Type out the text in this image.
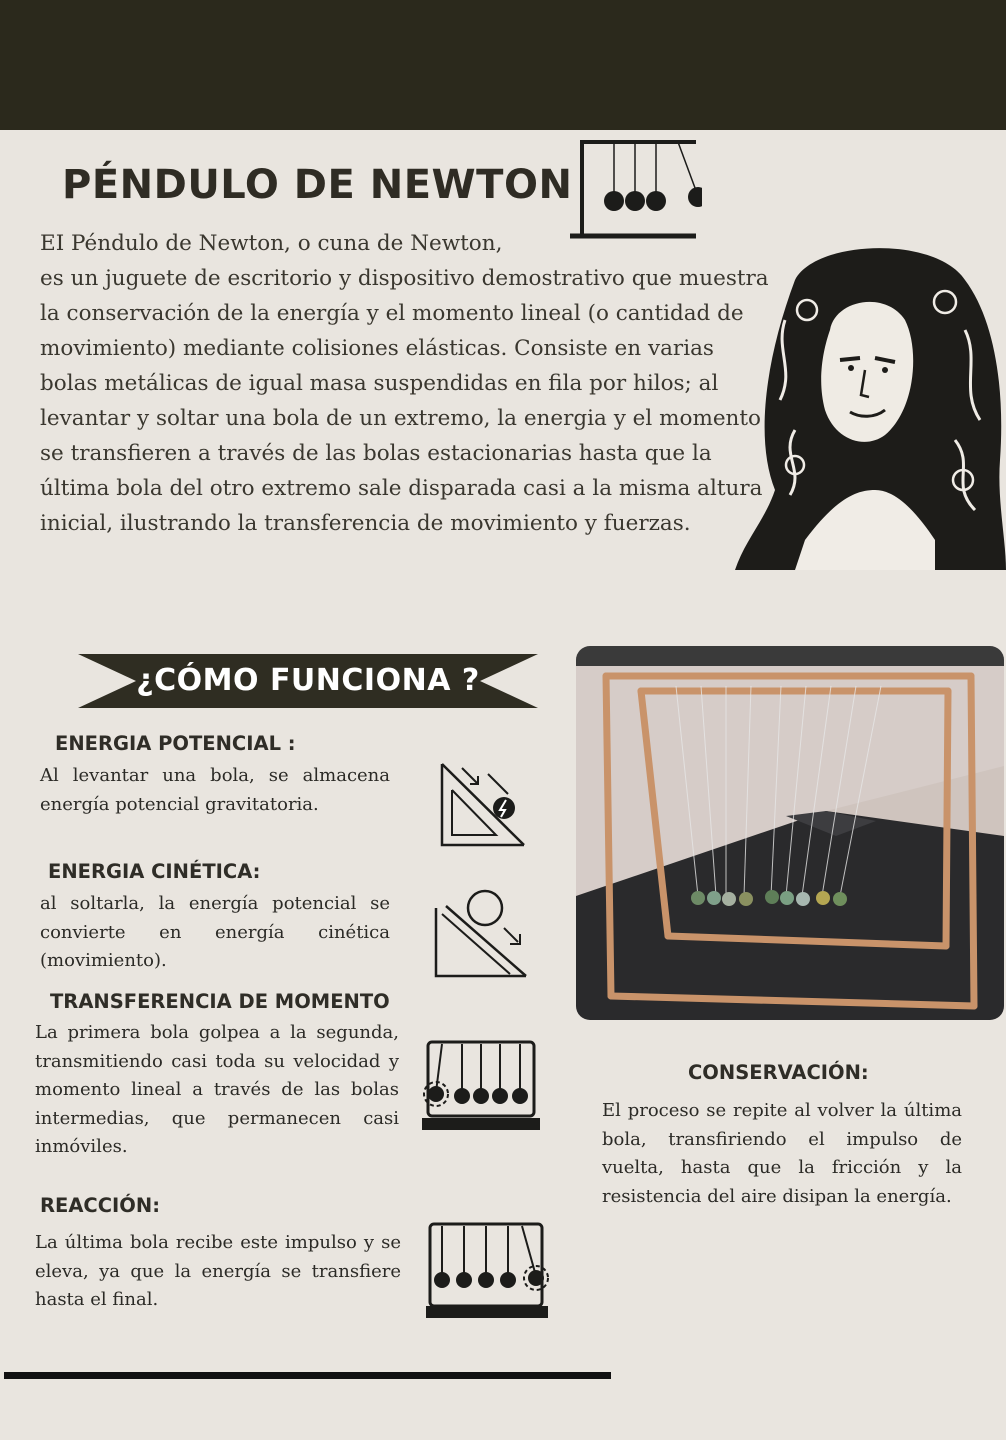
PÉNDULO DE NEWTON

EI Péndulo de Newton, o cuna de Newton,

es un juguete de escritorio y dispositivo demostrativo que muestra la conservación de la energía y el momento lineal (o cantidad de movimiento) mediante colisiones elásticas. Consiste en varias bolas metálicas de igual masa suspendidas en fila por hilos; al levantar y soltar una bola de un extremo, la energia y el momento se transfieren a través de las bolas estacionarias hasta que la última bola del otro extremo sale disparada casi a la misma altura inicial, ilustrando la transferencia de movimiento y fuerzas.

¿CÓMO FUNCIONA ?
ENERGIA POTENCIAL :

Al levantar una bola, se almacena energía potencial gravitatoria.

ENERGIA CINÉTICA:

al soltarla, la energía potencial se convierte en energía cinética (movimiento).

TRANSFERENCIA DE MOMENTO

La primera bola golpea a la segunda, transmitiendo casi toda su velocidad y momento lineal a través de las bolas intermedias, que permanecen casi inmóviles.

REACCIÓN:

La última bola recibe este impulso y se eleva, ya que la energía se transfiere hasta el final.

CONSERVACIÓN:

El proceso se repite al volver la última bola, transfiriendo el impulso de vuelta, hasta que la fricción y la resistencia del aire disipan la energía.
